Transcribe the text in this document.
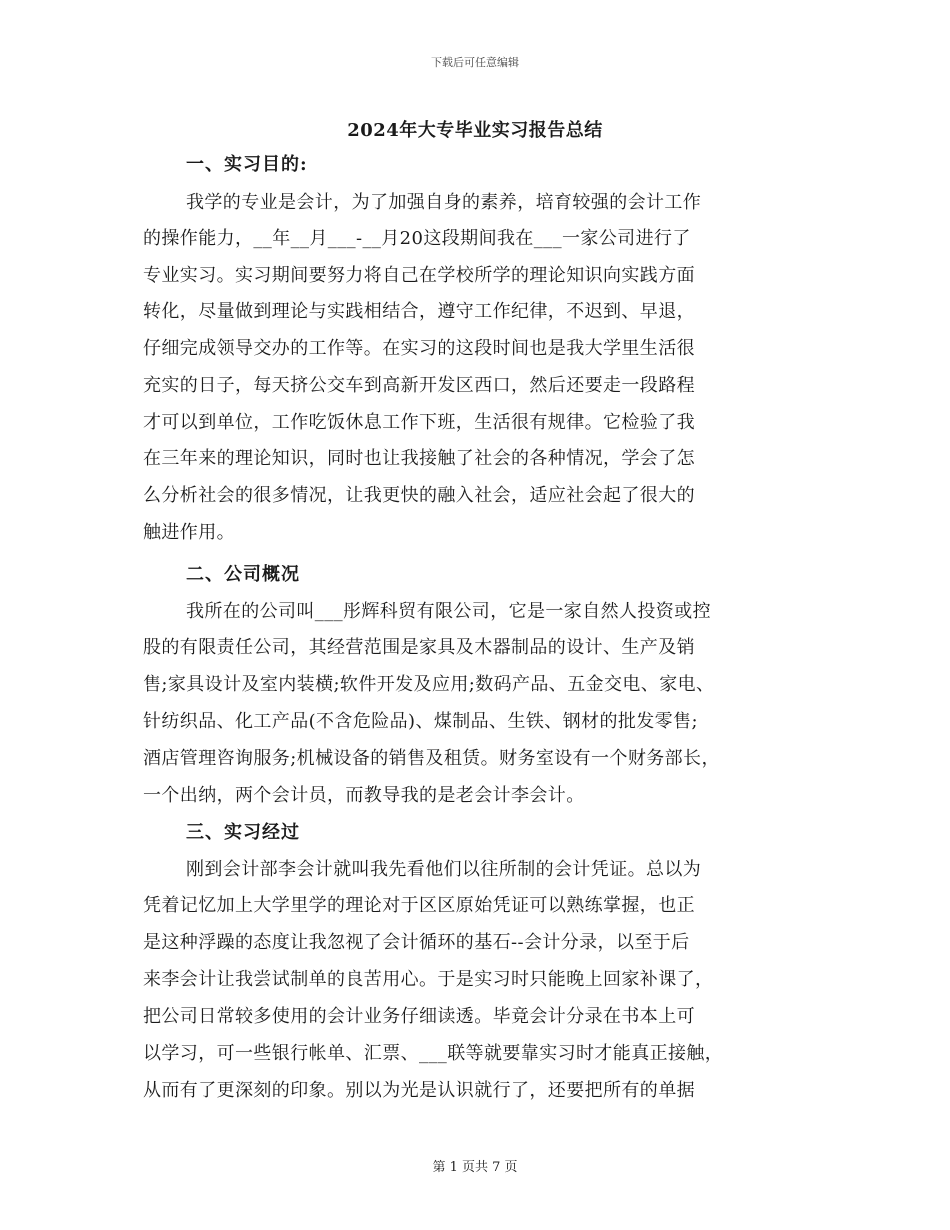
下载后可任意编辑
2024年大专毕业实习报告总结
一、实习目的:
我学的专业是会计，为了加强自身的素养，培育较强的会计工作
的操作能力，__年__月___-__月20这段期间我在___一家公司进行了
专业实习。实习期间要努力将自己在学校所学的理论知识向实践方面
转化，尽量做到理论与实践相结合，遵守工作纪律，不迟到、早退，
仔细完成领导交办的工作等。在实习的这段时间也是我大学里生活很
充实的日子，每天挤公交车到高新开发区西口，然后还要走一段路程
才可以到单位，工作吃饭休息工作下班，生活很有规律。它检验了我
在三年来的理论知识，同时也让我接触了社会的各种情况，学会了怎
么分析社会的很多情况，让我更快的融入社会，适应社会起了很大的
触进作用。
二、公司概况
我所在的公司叫___彤辉科贸有限公司，它是一家自然人投资或控
股的有限责任公司，其经营范围是家具及木器制品的设计、生产及销
售;家具设计及室内装横;软件开发及应用;数码产品、五金交电、家电、
针纺织品、化工产品(不含危险品)、煤制品、生铁、钢材的批发零售;
酒店管理咨询服务;机械设备的销售及租赁。财务室设有一个财务部长，
一个出纳，两个会计员，而教导我的是老会计李会计。
三、实习经过
刚到会计部李会计就叫我先看他们以往所制的会计凭证。总以为
凭着记忆加上大学里学的理论对于区区原始凭证可以熟练掌握，也正
是这种浮躁的态度让我忽视了会计循环的基石--会计分录，以至于后
来李会计让我尝试制单的良苦用心。于是实习时只能晚上回家补课了，
把公司日常较多使用的会计业务仔细读透。毕竟会计分录在书本上可
以学习，可一些银行帐单、汇票、___联等就要靠实习时才能真正接触，
从而有了更深刻的印象。别以为光是认识就行了，还要把所有的单据
第 1 页共 7 页
